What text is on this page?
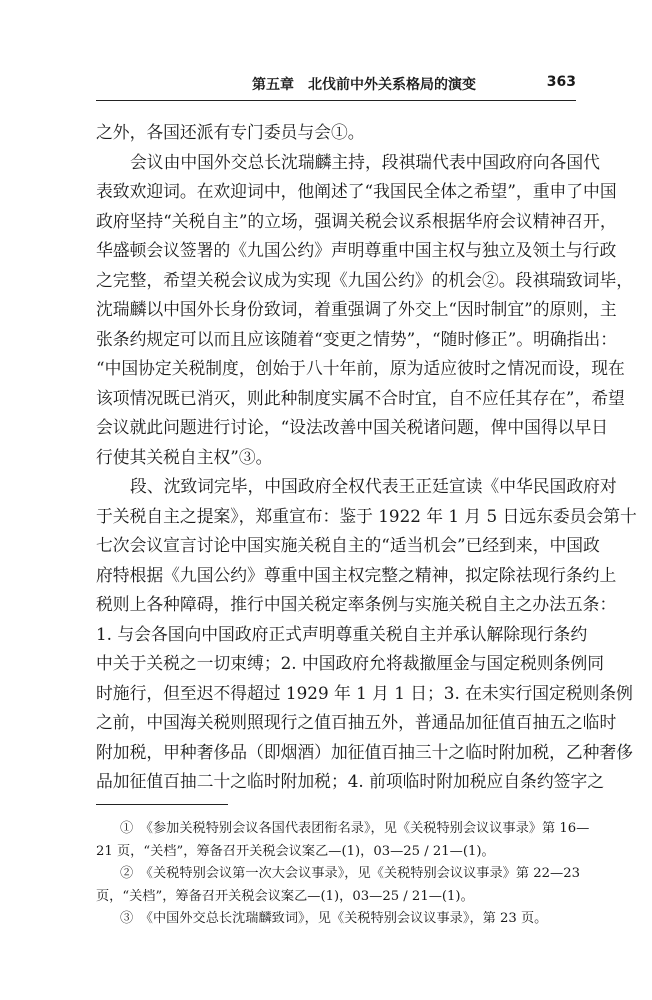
第五章　北伐前中外关系格局的演变	363
之外，各国还派有专门委员与会①。
会议由中国外交总长沈瑞麟主持，段祺瑞代表中国政府向各国代
表致欢迎词。在欢迎词中，他阐述了“我国民全体之希望”，重申了中国
政府坚持“关税自主”的立场，强调关税会议系根据华府会议精神召开，
华盛顿会议签署的《九国公约》声明尊重中国主权与独立及领土与行政
之完整，希望关税会议成为实现《九国公约》的机会②。段祺瑞致词毕，
沈瑞麟以中国外长身份致词，着重强调了外交上“因时制宜”的原则，主
张条约规定可以而且应该随着“变更之情势”，“随时修正”。明确指出：
“中国协定关税制度，创始于八十年前，原为适应彼时之情况而设，现在
该项情况既已消灭，则此种制度实属不合时宜，自不应任其存在”，希望
会议就此问题进行讨论，“设法改善中国关税诸问题，俾中国得以早日
行使其关税自主权”③。
段、沈致词完毕，中国政府全权代表王正廷宣读《中华民国政府对
于关税自主之提案》，郑重宣布：鉴于 1922 年 1 月 5 日远东委员会第十
七次会议宣言讨论中国实施关税自主的“适当机会”已经到来，中国政
府特根据《九国公约》尊重中国主权完整之精神，拟定除祛现行条约上
税则上各种障碍，推行中国关税定率条例与实施关税自主之办法五条：
1. 与会各国向中国政府正式声明尊重关税自主并承认解除现行条约
中关于关税之一切束缚；2. 中国政府允将裁撤厘金与国定税则条例同
时施行，但至迟不得超过 1929 年 1 月 1 日；3. 在未实行国定税则条例
之前，中国海关税则照现行之值百抽五外，普通品加征值百抽五之临时
附加税，甲种奢侈品（即烟酒）加征值百抽三十之临时附加税，乙种奢侈
品加征值百抽二十之临时附加税；4. 前项临时附加税应自条约签字之
①　《参加关税特别会议各国代表团衔名录》，见《关税特别会议议事录》第 16—
21 页，“关档”，筹备召开关税会议案乙—(1)，03—25 / 21—(1)。
②　《关税特别会议第一次大会议事录》，见《关税特别会议议事录》第 22—23
页，“关档”，筹备召开关税会议案乙—(1)，03—25 / 21—(1)。
③　《中国外交总长沈瑞麟致词》，见《关税特别会议议事录》，第 23 页。
